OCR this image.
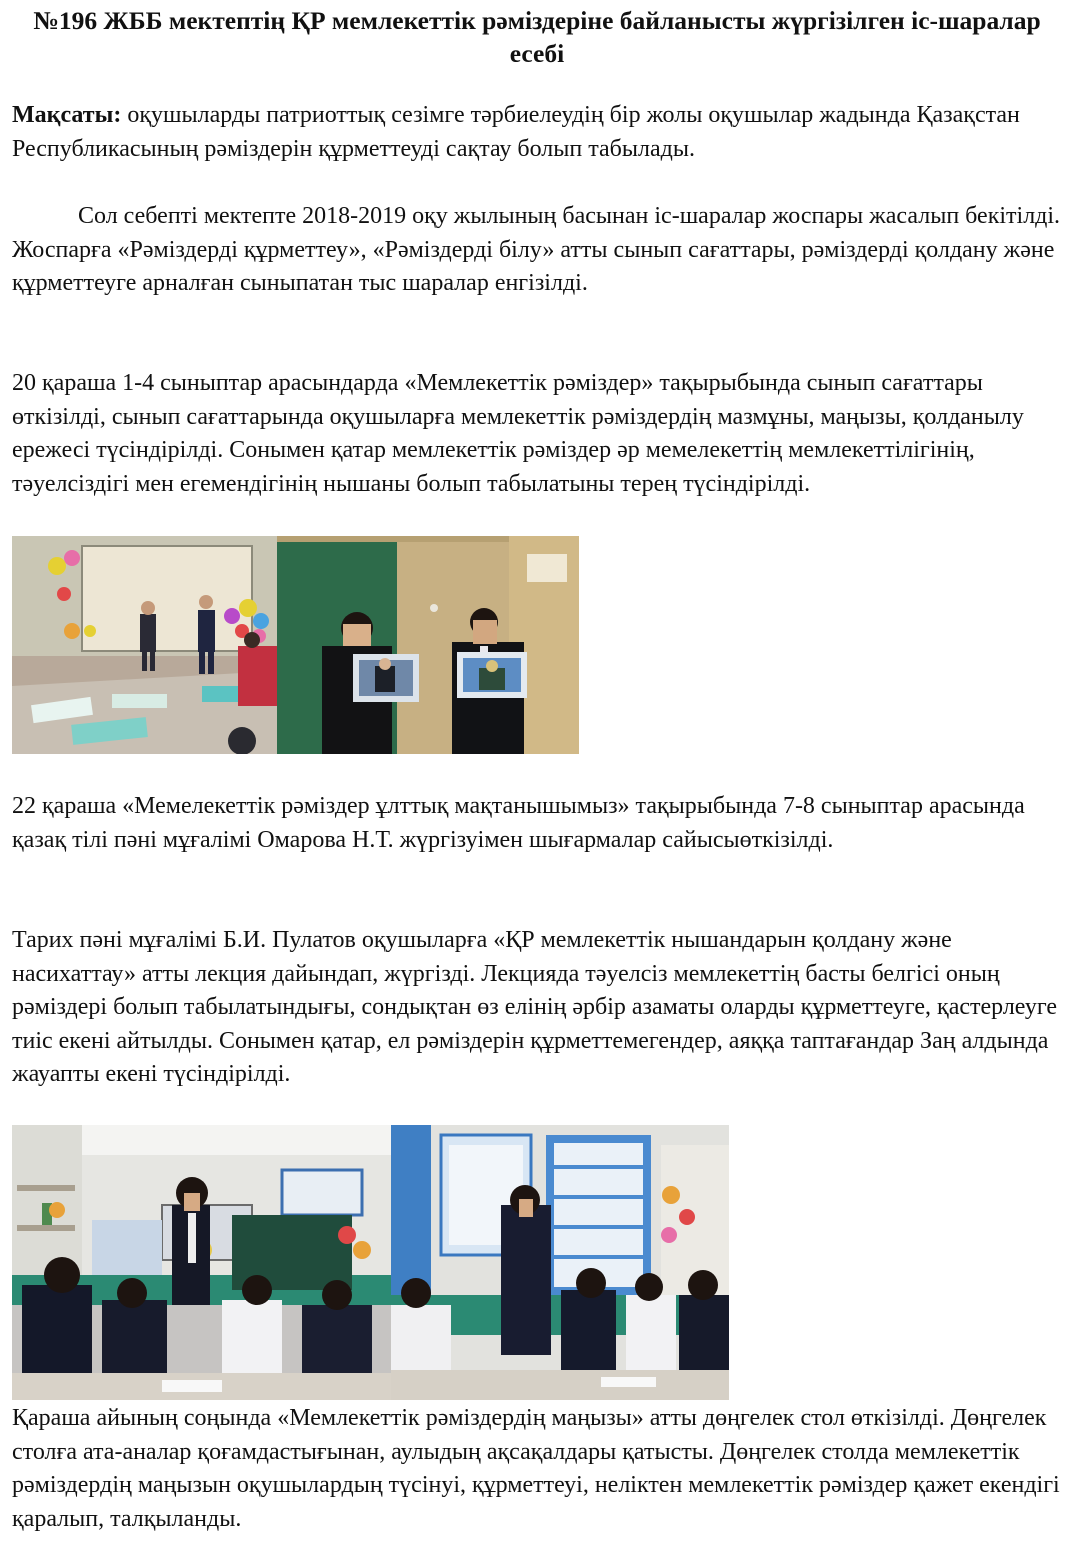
№196 ЖББ мектептің ҚР мемлекеттік рәміздеріне байланысты жүргізілген іс-шаралар есебі

Мақсаты: оқушыларды патриоттық сезімге тәрбиелеудің бір жолы оқушылар жадында Қазақстан Республикасының рәміздерін құрметтеуді сақтау болып табылады.

Сол себепті мектепте 2018-2019 оқу жылының басынан іс-шаралар жоспары жасалып бекітілді. Жоспарға «Рәміздерді құрметтеу», «Рәміздерді білу» атты сынып сағаттары, рәміздерді қолдану және құрметтеуге арналған сыныпатан тыс шаралар енгізілді.

20 қараша 1-4 сыныптар арасындарда «Мемлекеттік рәміздер» тақырыбында сынып сағаттары өткізілді, сынып сағаттарында оқушыларға мемлекеттік рәміздердің мазмұны, маңызы, қолданылу ережесі түсіндірілді. Сонымен қатар мемлекеттік рәміздер әр мемелекеттің мемлекеттілігінің, тәуелсіздігі мен егемендігінің нышаны болып табылатыны терең түсіндірілді.

22 қараша «Мемелекеттік рәміздер ұлттық мақтанышымыз» тақырыбында 7-8 сыныптар арасында қазақ тілі пәні мұғалімі Омарова Н.Т. жүргізуімен шығармалар сайысыөткізілді.

Тарих пәні мұғалімі Б.И. Пулатов оқушыларға «ҚР мемлекеттік нышандарын қолдану және насихаттау» атты лекция дайындап, жүргізді. Лекцияда тәуелсіз мемлекеттің басты белгісі оның рәміздері болып табылатындығы, сондықтан өз елінің әрбір азаматы оларды құрметтеуге, қастерлеуге тиіс екені айтылды. Сонымен қатар, ел рәміздерін құрметтемегендер, аяққа таптағандар Заң алдында жауапты екені түсіндірілді.

Қараша айының соңында «Мемлекеттік рәміздердің маңызы» атты дөңгелек стол өткізілді. Дөңгелек столға ата-аналар қоғамдастығынан, аулыдың ақсақалдары қатысты. Дөңгелек столда мемлекеттік рәміздердің маңызын оқушылардың түсінуі, құрметтеуі, неліктен мемлекеттік рәміздер қажет екендігі қаралып, талқыланды.
